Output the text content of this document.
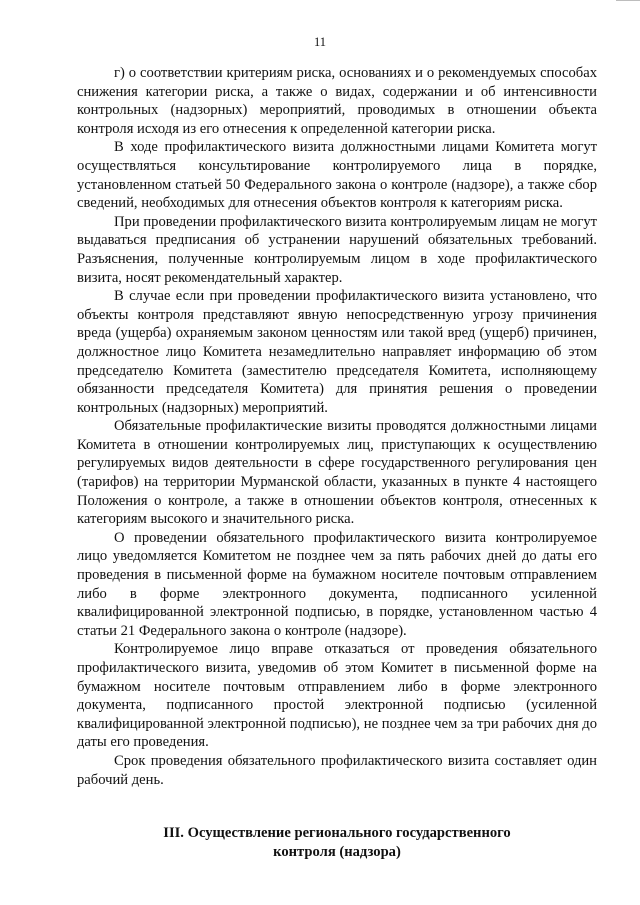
11

г) о соответствии критериям риска, основаниях и о рекомендуемых способах снижения категории риска, а также о видах, содержании и об интенсивности контрольных (надзорных) мероприятий, проводимых в отношении объекта контроля исходя из его отнесения к определенной категории риска.

В ходе профилактического визита должностными лицами Комитета могут осуществляться консультирование контролируемого лица в порядке, установленном статьей 50 Федерального закона о контроле (надзоре), а также сбор сведений, необходимых для отнесения объектов контроля к категориям риска.

При проведении профилактического визита контролируемым лицам не могут выдаваться предписания об устранении нарушений обязательных требований. Разъяснения, полученные контролируемым лицом в ходе профилактического визита, носят рекомендательный характер.

В случае если при проведении профилактического визита установлено, что объекты контроля представляют явную непосредственную угрозу причинения вреда (ущерба) охраняемым законом ценностям или такой вред (ущерб) причинен, должностное лицо Комитета незамедлительно направляет информацию об этом председателю Комитета (заместителю председателя Комитета, исполняющему обязанности председателя Комитета) для принятия решения о проведении контрольных (надзорных) мероприятий.

Обязательные профилактические визиты проводятся должностными лицами Комитета в отношении контролируемых лиц, приступающих к осуществлению регулируемых видов деятельности в сфере государственного регулирования цен (тарифов) на территории Мурманской области, указанных в пункте 4 настоящего Положения о контроле, а также в отношении объектов контроля, отнесенных к категориям высокого и значительного риска.

О проведении обязательного профилактического визита контролируемое лицо уведомляется Комитетом не позднее чем за пять рабочих дней до даты его проведения в письменной форме на бумажном носителе почтовым отправлением либо в форме электронного документа, подписанного усиленной квалифицированной электронной подписью, в порядке, установленном частью 4 статьи 21 Федерального закона о контроле (надзоре).

Контролируемое лицо вправе отказаться от проведения обязательного профилактического визита, уведомив об этом Комитет в письменной форме на бумажном носителе почтовым отправлением либо в форме электронного документа, подписанного простой электронной подписью (усиленной квалифицированной электронной подписью), не позднее чем за три рабочих дня до даты его проведения.

Срок проведения обязательного профилактического визита составляет один рабочий день.

III. Осуществление регионального государственного
контроля (надзора)
